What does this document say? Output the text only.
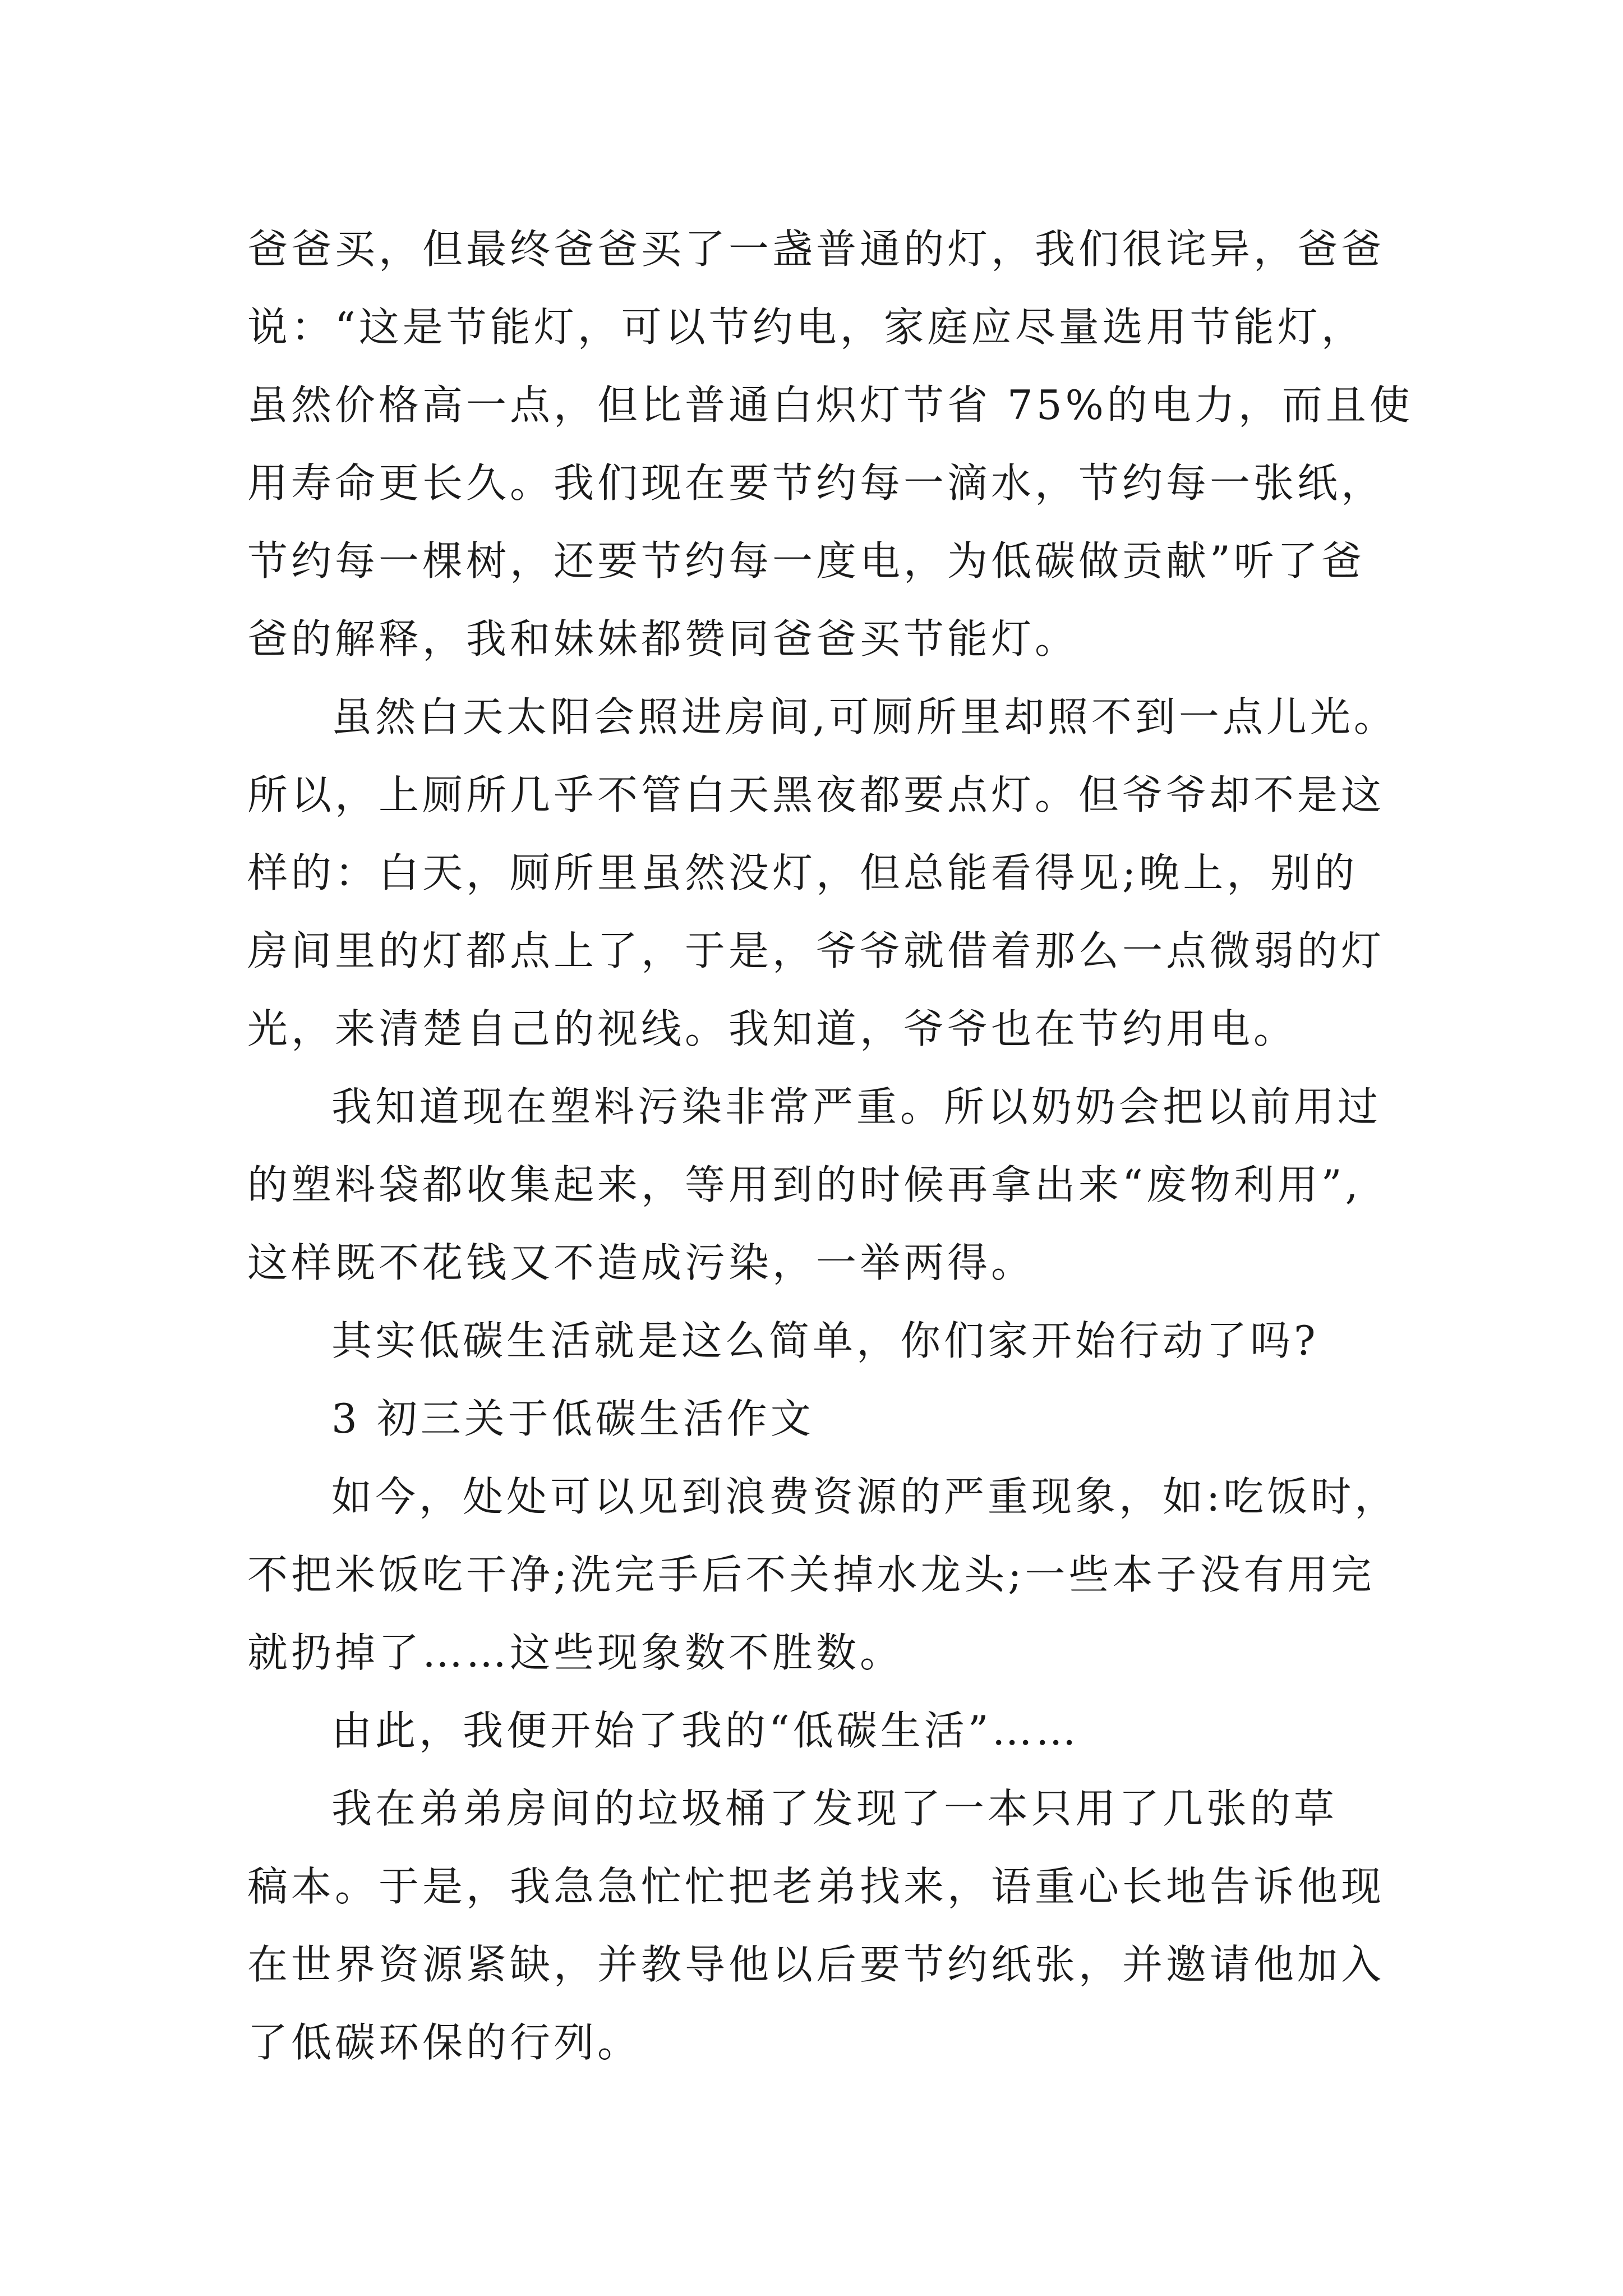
爸爸买，但最终爸爸买了一盏普通的灯，我们很诧异，爸爸
说：“这是节能灯，可以节约电，家庭应尽量选用节能灯，
虽然价格高一点，但比普通白炽灯节省 75%的电力，而且使
用寿命更长久。我们现在要节约每一滴水，节约每一张纸，
节约每一棵树，还要节约每一度电，为低碳做贡献”听了爸
爸的解释，我和妹妹都赞同爸爸买节能灯。

虽然白天太阳会照进房间,可厕所里却照不到一点儿光。
所以，上厕所几乎不管白天黑夜都要点灯。但爷爷却不是这
样的：白天，厕所里虽然没灯，但总能看得见;晚上，别的
房间里的灯都点上了，于是，爷爷就借着那么一点微弱的灯
光，来清楚自己的视线。我知道，爷爷也在节约用电。

我知道现在塑料污染非常严重。所以奶奶会把以前用过
的塑料袋都收集起来，等用到的时候再拿出来“废物利用”,
这样既不花钱又不造成污染，一举两得。

其实低碳生活就是这么简单，你们家开始行动了吗?

3 初三关于低碳生活作文

如今，处处可以见到浪费资源的严重现象，如:吃饭时，
不把米饭吃干净;洗完手后不关掉水龙头;一些本子没有用完
就扔掉了……这些现象数不胜数。

由此，我便开始了我的“低碳生活”……

我在弟弟房间的垃圾桶了发现了一本只用了几张的草
稿本。于是，我急急忙忙把老弟找来，语重心长地告诉他现
在世界资源紧缺，并教导他以后要节约纸张，并邀请他加入
了低碳环保的行列。
